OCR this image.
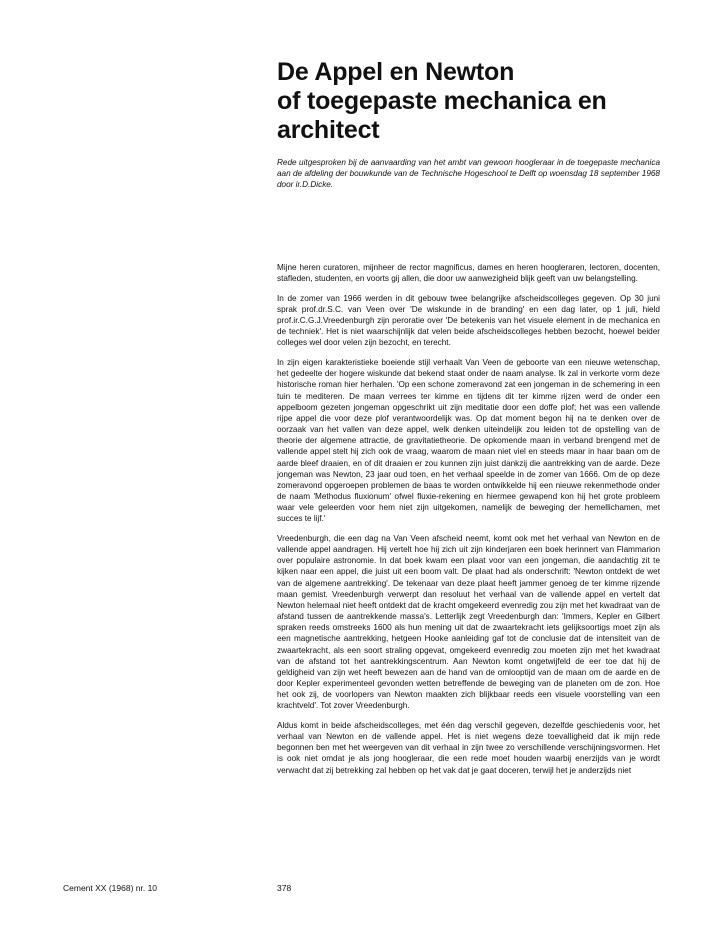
De Appel en Newton
of toegepaste mechanica en
architect

Rede uitgesproken bij de aanvaarding van het ambt van gewoon hoogleraar in de toegepaste mechanica aan de afdeling der bouwkunde van de Technische Hogeschool te Delft op woensdag 18 september 1968 door ir.D.Dicke.

Mijne heren curatoren, mijnheer de rector magnificus, dames en heren hoogleraren, lectoren, docenten, stafleden, studenten, en voorts gij allen, die door uw aanwezigheid blijk geeft van uw belangstelling.

In de zomer van 1966 werden in dit gebouw twee belangrijke afscheidscolleges gegeven. Op 30 juni sprak prof.dr.S.C. van Veen over 'De wiskunde in de branding' en een dag later, op 1 juli, hield prof.ir.C.G.J.Vreedenburgh zijn peroratie over 'De betekenis van het visuele element in de mechanica en de techniek'. Het is niet waarschijnlijk dat velen beide afscheidscolleges hebben bezocht, hoewel beider colleges wel door velen zijn bezocht, en terecht.

In zijn eigen karakteristieke boeiende stijl verhaalt Van Veen de geboorte van een nieuwe wetenschap, het gedeelte der hogere wiskunde dat bekend staat onder de naam analyse. Ik zal in verkorte vorm deze historische roman hier herhalen. 'Op een schone zomeravond zat een jongeman in de schemering in een tuin te mediteren. De maan verrees ter kimme en tijdens dit ter kimme rijzen werd de onder een appelboom gezeten jongeman opgeschrikt uit zijn meditatie door een doffe plof; het was een vallende rijpe appel die voor deze plof verantwoordelijk was. Op dat moment begon hij na te denken over de oorzaak van het vallen van deze appel, welk denken uiteindelijk zou leiden tot de opstelling van de theorie der algemene attractie, de gravitatietheorie. De opkomende maan in verband brengend met de vallende appel stelt hij zich ook de vraag, waarom de maan niet viel en steeds maar in haar baan om de aarde bleef draaien, en of dit draaien er zou kunnen zijn juist dankzij die aantrekking van de aarde. Deze jongeman was Newton, 23 jaar oud toen, en het verhaal speelde in de zomer van 1666. Om de op deze zomeravond opgeroepen problemen de baas te worden ontwikkelde hij een nieuwe rekenmethode onder de naam 'Methodus fluxionum' ofwel fluxie-rekening en hiermee gewapend kon hij het grote probleem waar vele geleerden voor hem niet zijn uitgekomen, namelijk de beweging der hemellichamen, met succes te lijf.'

Vreedenburgh, die een dag na Van Veen afscheid neemt, komt ook met het verhaal van Newton en de vallende appel aandragen. Hij vertelt hoe hij zich uit zijn kinderjaren een boek herinnert van Flammarion over populaire astronomie. In dat boek kwam een plaat voor van een jongeman, die aandachtig zit te kijken naar een appel, die juist uit een boom valt. De plaat had als onderschrift: 'Newton ontdekt de wet van de algemene aantrekking'. De tekenaar van deze plaat heeft jammer genoeg de ter kimme rijzende maan gemist. Vreedenburgh verwerpt dan resoluut het verhaal van de vallende appel en vertelt dat Newton helemaal niet heeft ontdekt dat de kracht omgekeerd evenredig zou zijn met het kwadraat van de afstand tussen de aantrekkende massa's. Letterlijk zegt Vreedenburgh dan: 'Immers, Kepler en Gilbert spraken reeds omstreeks 1600 als hun mening uit dat de zwaartekracht iets gelijksoortigs moet zijn als een magnetische aantrekking, hetgeen Hooke aanleiding gaf tot de conclusie dat de intensiteit van de zwaartekracht, als een soort straling opgevat, omgekeerd evenredig zou moeten zijn met het kwadraat van de afstand tot het aantrekkingscentrum. Aan Newton komt ongetwijfeld de eer toe dat hij de geldigheid van zijn wet heeft bewezen aan de hand van de omlooptijd van de maan om de aarde en de door Kepler experimenteel gevonden wetten betreffende de beweging van de planeten om de zon. Hoe het ook zij, de voorlopers van Newton maakten zich blijkbaar reeds een visuele voorstelling van een krachtveld'. Tot zover Vreedenburgh.

Aldus komt in beide afscheidscolleges, met één dag verschil gegeven, dezelfde geschiedenis voor, het verhaal van Newton en de vallende appel. Het is niet wegens deze toevalligheid dat ik mijn rede begonnen ben met het weergeven van dit verhaal in zijn twee zo verschillende verschijningsvormen. Het is ook niet omdat je als jong hoogleraar, die een rede moet houden waarbij enerzijds van je wordt verwacht dat zij betrekking zal hebben op het vak dat je gaat doceren, terwijl het je anderzijds niet

Cement XX (1968) nr. 10	378
